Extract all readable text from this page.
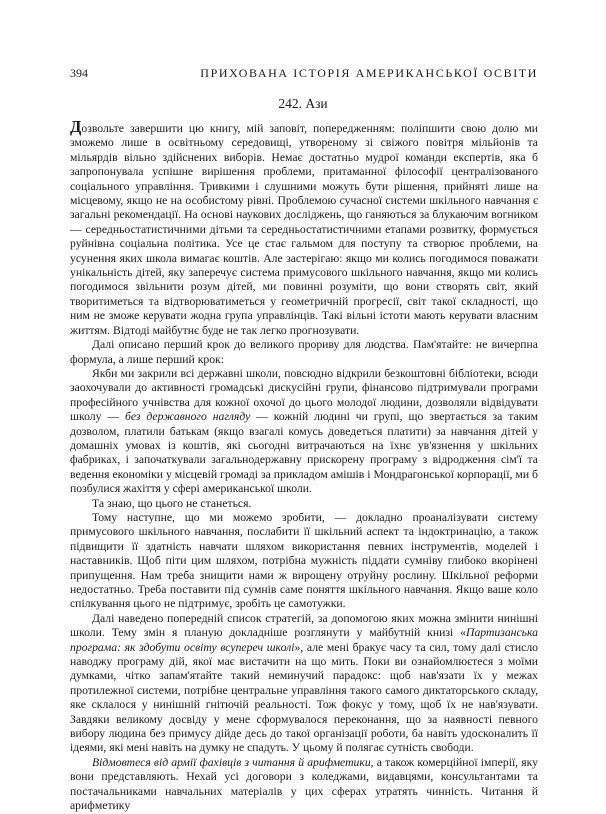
394	ПРИХОВАНА ІСТОРІЯ АМЕРИКАНСЬКОЇ ОСВІТИ
242. Ази

Дозвольте завершити цю книгу, мій заповіт, попередженням: поліпшити свою долю ми зможемо лише в освітньому середовищі, утвореному зі свіжого повітря мільйонів та мільярдів вільно здійснених виборів. Немає достатньо мудрої команди експертів, яка б запропонувала успішне вирішення проблеми, притаманної філософії централізованого соціального управління. Тривкими і слушними можуть бути рішення, прийняті лише на місцевому, якщо не на особистому рівні. Проблемою сучасної системи шкільного навчання є загальні рекомендації. На основі наукових досліджень, що ганяються за блукаючим вогником — середньостатистичними дітьми та середньостатистичними етапами розвитку, формується руйнівна соціальна політика. Усе це стає гальмом для поступу та створює проблеми, на усунення яких школа вимагає коштів. Але застерігаю: якщо ми колись погодимося поважати унікальність дітей, яку заперечує система примусового шкільного навчання, якщо ми колись погодимося звільнити розум дітей, ми повинні розуміти, що вони створять світ, який творитиметься та відтворюватиметься у геометричній прогресії, світ такої складності, що ним не зможе керувати жодна група управлінців. Такі вільні істоти мають керувати власним життям. Відтоді майбутнє буде не так легко прогнозувати.

Далі описано перший крок до великого прориву для людства. Пам'ятайте: не вичерпна формула, а лише перший крок:

Якби ми закрили всі державні школи, повсюдно відкрили безкоштовні бібліотеки, всюди заохочували до активності громадські дискусійні групи, фінансово підтримували програми професійного учнівства для кожної охочої до цього молодої людини, дозволяли відвідувати школу — без державного нагляду — кожній людині чи групі, що звертається за таким дозволом, платили батькам (якщо взагалі комусь доведеться платити) за навчання дітей у домашніх умовах із коштів, які сьогодні витрачаються на їхнє ув'язнення у шкільних фабриках, і започаткували загальнодержавну прискорену програму з відродження сім'ї та ведення економіки у місцевій громаді за прикладом амішів і Мондрагонської корпорації, ми б позбулися жахіття у сфері американської школи.

Та знаю, що цього не станеться.

Тому наступне, що ми можемо зробити, — докладно проаналізувати систему примусового шкільного навчання, послабити її шкільний аспект та індоктринацію, а також підвищити її здатність навчати шляхом використання певних інструментів, моделей і наставників. Щоб піти цим шляхом, потрібна мужність піддати сумніву глибоко вкорінені припущення. Нам треба знищити нами ж вирощену отруйну рослину. Шкільної реформи недостатньо. Треба поставити під сумнів саме поняття шкільного навчання. Якщо ваше коло спілкування цього не підтримує, зробіть це самотужки.

Далі наведено попередній список стратегій, за допомогою яких можна змінити нинішні школи. Тему змін я планую докладніше розглянути у майбутній книзі «Партизанська програма: як здобути освіту всупереч школі», але мені бракує часу та сил, тому далі стисло наводжу програму дій, якої має вистачити на що мить. Поки ви ознайомлюєтеся з моїми думками, чітко запам'ятайте такий неминучий парадокс: щоб нав'язати їх у межах протилежної системи, потрібне центральне управління такого самого диктаторського складу, яке склалося у нинішній гнітючій реальності. Тож фокус у тому, щоб їх не нав'язувати. Завдяки великому досвіду у мене сформувалося переконання, що за наявності певного вибору людина без примусу дійде десь до такої організації роботи, ба навіть удосконалить її ідеями, які мені навіть на думку не спадуть. У цьому й полягає сутність свободи.

Відмовтеся від армії фахівців з читання й арифметики, а також комерційної імперії, яку вони представляють. Нехай усі договори з коледжами, видавцями, консультантами та постачальниками навчальних матеріалів у цих сферах утратять чинність. Читання й арифметику
